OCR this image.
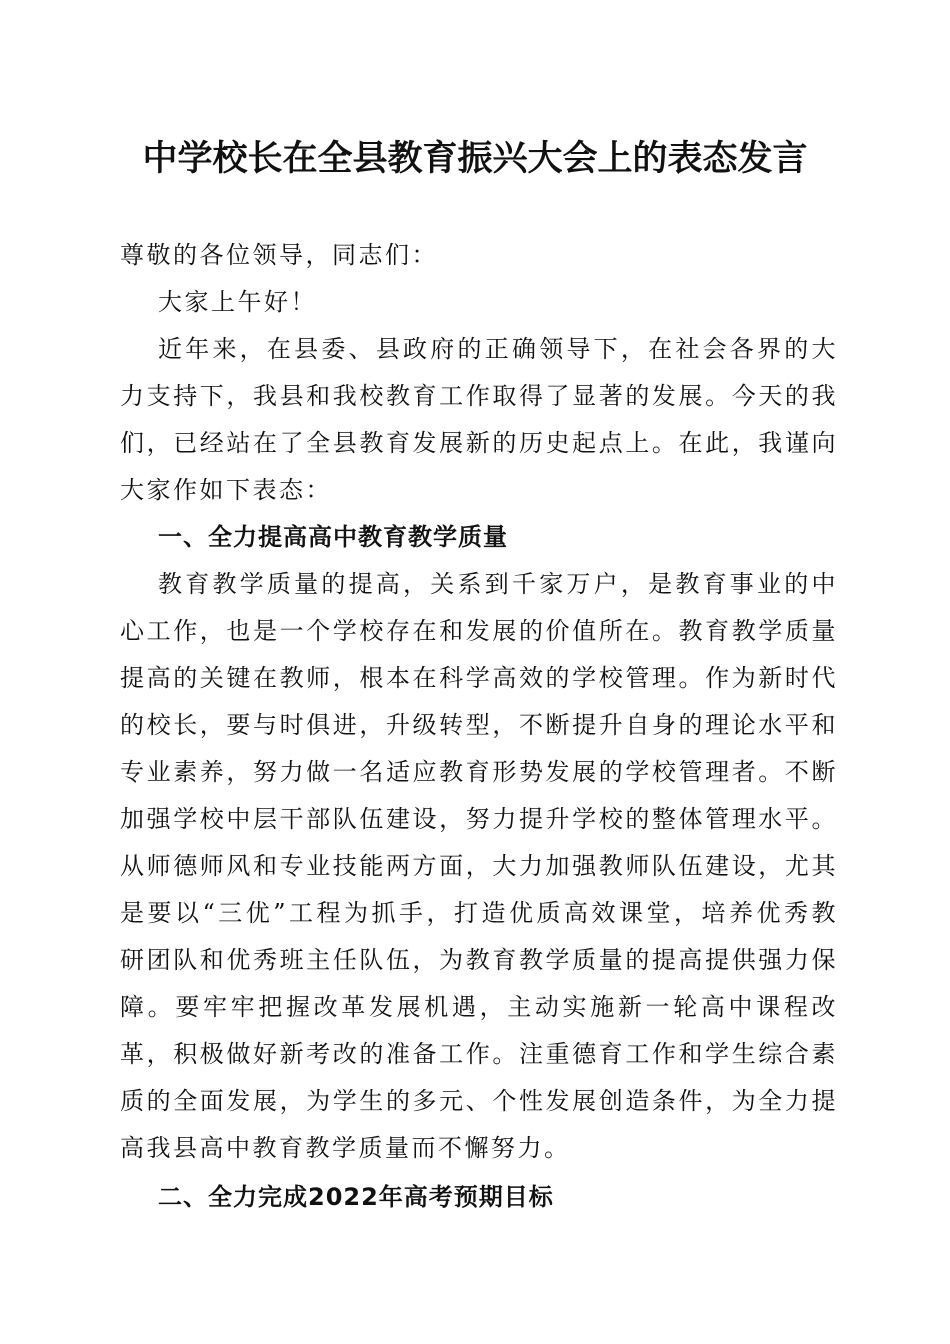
中学校长在全县教育振兴大会上的表态发言

尊敬的各位领导，同志们：

大家上午好！

近年来，在县委、县政府的正确领导下，在社会各界的大力支持下，我县和我校教育工作取得了显著的发展。今天的我们，已经站在了全县教育发展新的历史起点上。在此，我谨向大家作如下表态：

一、全力提高高中教育教学质量

教育教学质量的提高，关系到千家万户，是教育事业的中心工作，也是一个学校存在和发展的价值所在。教育教学质量提高的关键在教师，根本在科学高效的学校管理。作为新时代的校长，要与时俱进，升级转型，不断提升自身的理论水平和专业素养，努力做一名适应教育形势发展的学校管理者。不断加强学校中层干部队伍建设，努力提升学校的整体管理水平。从师德师风和专业技能两方面，大力加强教师队伍建设，尤其是要以“三优”工程为抓手，打造优质高效课堂，培养优秀教研团队和优秀班主任队伍，为教育教学质量的提高提供强力保障。要牢牢把握改革发展机遇，主动实施新一轮高中课程改革，积极做好新考改的准备工作。注重德育工作和学生综合素质的全面发展，为学生的多元、个性发展创造条件，为全力提高我县高中教育教学质量而不懈努力。

二、全力完成2022年高考预期目标
